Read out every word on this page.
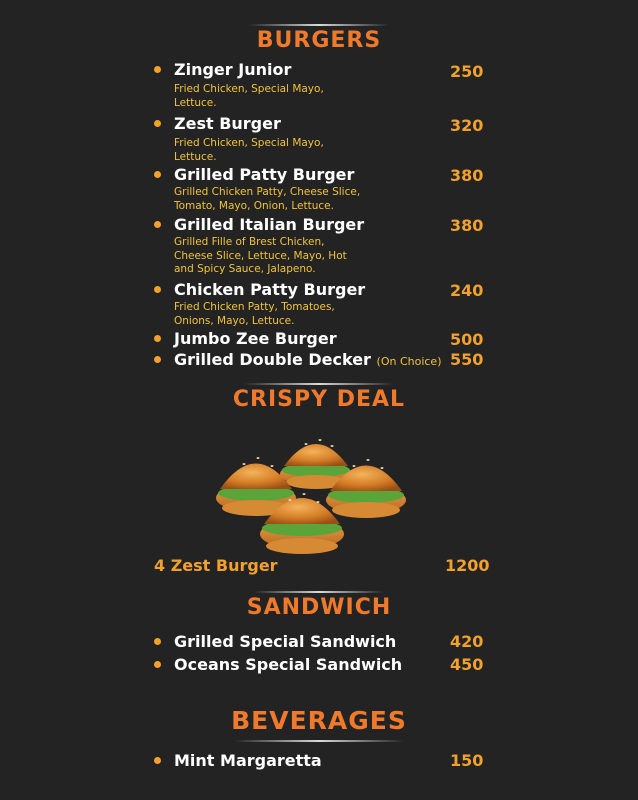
BURGERS
Zinger Junior	250
Fried Chicken, Special Mayo, Lettuce.
Zest Burger	320
Fried Chicken, Special Mayo, Lettuce.
Grilled Patty Burger	380
Grilled Chicken Patty, Cheese Slice, Tomato, Mayo, Onion, Lettuce.
Grilled Italian Burger	380
Grilled Fille of Brest Chicken, Cheese Slice, Lettuce, Mayo, Hot and Spicy Sauce, Jalapeno.
Chicken Patty Burger	240
Fried Chicken Patty, Tomatoes, Onions, Mayo, Lettuce.
Jumbo Zee Burger	500
Grilled Double Decker (On Choice) 550
CRISPY DEAL
4 Zest Burger	1200
SANDWICH
Grilled Special Sandwich	420
Oceans Special Sandwich	450
BEVERAGES
Mint Margaretta	150
